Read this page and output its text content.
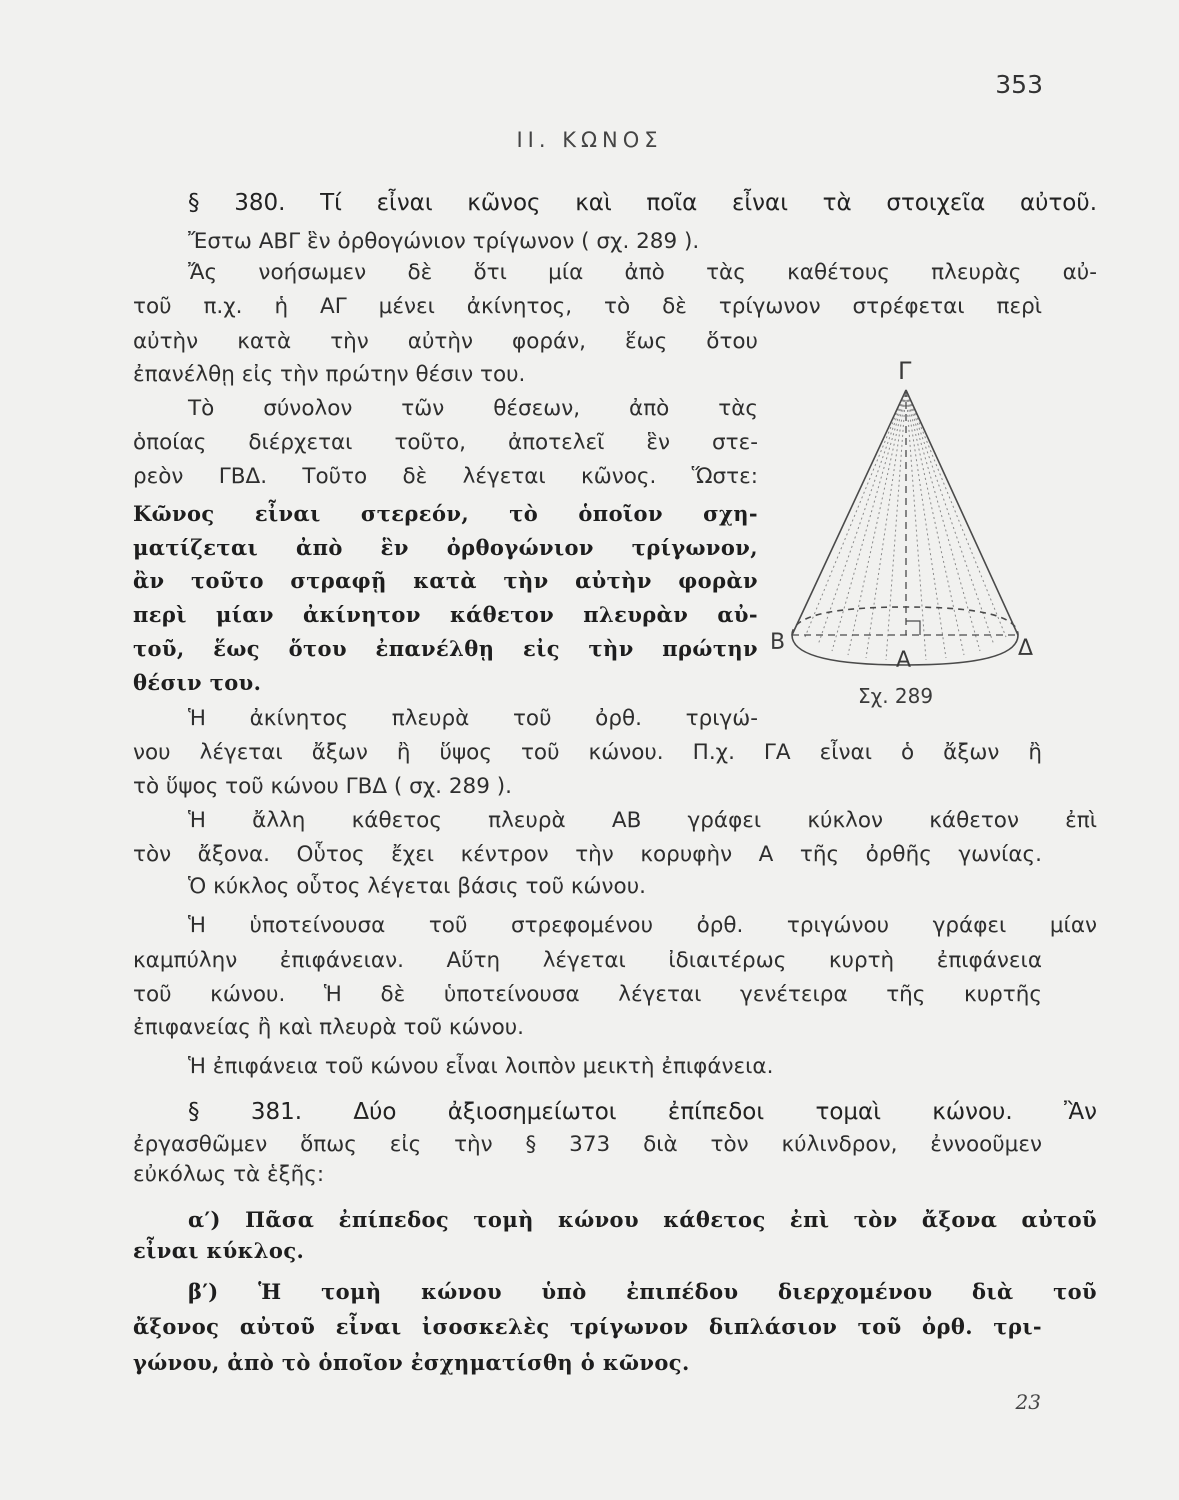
353
II. ΚΩΝΟΣ
§ 380. Τί εἶναι κῶνος καὶ ποῖα εἶναι τὰ στοιχεῖα αὐτοῦ.
Ἔστω ΑΒΓ ἓν ὀρθογώνιον τρίγωνον ( σχ. 289 ).
Ἄς νοήσωμεν δὲ ὅτι μία ἀπὸ τὰς καθέτους πλευρὰς αὐ-
τοῦ π.χ. ἡ ΑΓ μένει ἀκίνητος, τὸ δὲ τρίγωνον στρέφεται περὶ
αὐτὴν κατὰ τὴν αὐτὴν φοράν, ἕως ὅτου
ἐπανέλθῃ εἰς τὴν πρώτην θέσιν του.
Τὸ σύνολον τῶν θέσεων, ἀπὸ τὰς
ὁποίας διέρχεται τοῦτο, ἀποτελεῖ ἓν στε-
ρεὸν ΓΒΔ. Τοῦτο δὲ λέγεται κῶνος. Ὥστε:
Κῶνος εἶναι στερεόν, τὸ ὁποῖον σχη-
ματίζεται ἀπὸ ἓν ὀρθογώνιον τρίγωνον,
ἂν τοῦτο στραφῇ κατὰ τὴν αὐτὴν φορὰν
περὶ μίαν ἀκίνητον κάθετον πλευρὰν αὐ-
τοῦ, ἕως ὅτου ἐπανέλθῃ εἰς τὴν πρώτην
θέσιν του.
Ἡ ἀκίνητος πλευρὰ τοῦ ὀρθ. τριγώ-
νου λέγεται ἄξων ἢ ὕψος τοῦ κώνου. Π.χ. ΓΑ εἶναι ὁ ἄξων ἢ
τὸ ὕψος τοῦ κώνου ΓΒΔ ( σχ. 289 ).
Ἡ ἄλλη κάθετος πλευρὰ ΑΒ γράφει κύκλον κάθετον ἐπὶ
τὸν ἄξονα. Οὗτος ἔχει κέντρον τὴν κορυφὴν Α τῆς ὀρθῆς γωνίας.
Ὁ κύκλος οὗτος λέγεται βάσις τοῦ κώνου.
Ἡ ὑποτείνουσα τοῦ στρεφομένου ὀρθ. τριγώνου γράφει μίαν
καμπύλην ἐπιφάνειαν. Αὕτη λέγεται ἰδιαιτέρως κυρτὴ ἐπιφάνεια
τοῦ κώνου. Ἡ δὲ ὑποτείνουσα λέγεται γενέτειρα τῆς κυρτῆς
ἐπιφανείας ἢ καὶ πλευρὰ τοῦ κώνου.
Ἡ ἐπιφάνεια τοῦ κώνου εἶναι λοιπὸν μεικτὴ ἐπιφάνεια.
§ 381. Δύο ἀξιοσημείωτοι ἐπίπεδοι τομαὶ κώνου. Ἂν
ἐργασθῶμεν ὅπως εἰς τὴν § 373 διὰ τὸν κύλινδρον, ἐννοοῦμεν
εὐκόλως τὰ ἑξῆς:
α′) Πᾶσα ἐπίπεδος τομὴ κώνου κάθετος ἐπὶ τὸν ἄξονα αὐτοῦ
εἶναι κύκλος.
β′) Ἡ τομὴ κώνου ὑπὸ ἐπιπέδου διερχομένου διὰ τοῦ
ἄξονος αὐτοῦ εἶναι ἰσοσκελὲς τρίγωνον διπλάσιον τοῦ ὀρθ. τρι-
γώνου, ἀπὸ τὸ ὁποῖον ἐσχηματίσθη ὁ κῶνος.
Γ
Β	Δ
Α
Σχ. 289
23
